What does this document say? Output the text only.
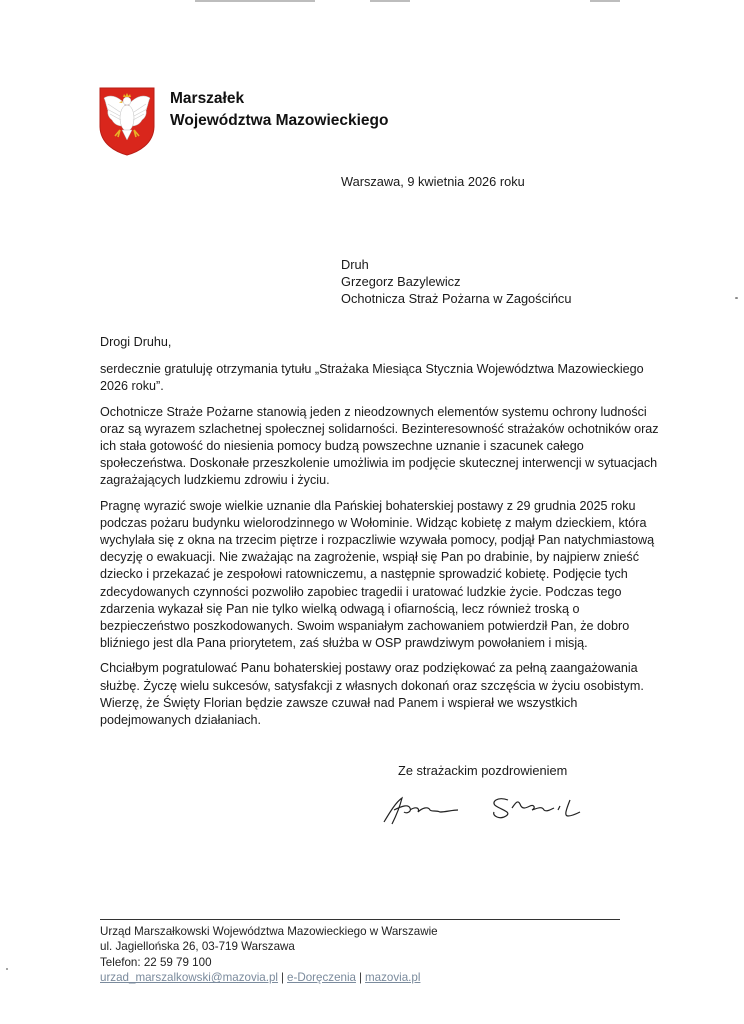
Marszałek
Województwa Mazowieckiego
Warszawa, 9 kwietnia 2026 roku
Druh
Grzegorz Bazylewicz
Ochotnicza Straż Pożarna w Zagościńcu

Drogi Druhu,

serdecznie gratuluję otrzymania tytułu „Strażaka Miesiąca Stycznia Województwa Mazowieckiego 2026 roku”.

Ochotnicze Straże Pożarne stanowią jeden z nieodzownych elementów systemu ochrony ludności oraz są wyrazem szlachetnej społecznej solidarności. Bezinteresowność strażaków ochotników oraz ich stała gotowość do niesienia pomocy budzą powszechne uznanie i szacunek całego społeczeństwa. Doskonałe przeszkolenie umożliwia im podjęcie skutecznej interwencji w sytuacjach zagrażających ludzkiemu zdrowiu i życiu.

Pragnę wyrazić swoje wielkie uznanie dla Pańskiej bohaterskiej postawy z 29 grudnia 2025 roku podczas pożaru budynku wielorodzinnego w Wołominie. Widząc kobietę z małym dzieckiem, która wychylała się z okna na trzecim piętrze i rozpaczliwie wzywała pomocy, podjął Pan natychmiastową decyzję o ewakuacji. Nie zważając na zagrożenie, wspiął się Pan po drabinie, by najpierw znieść dziecko i przekazać je zespołowi ratowniczemu, a następnie sprowadzić kobietę. Podjęcie tych zdecydowanych czynności pozwoliło zapobiec tragedii i uratować ludzkie życie. Podczas tego zdarzenia wykazał się Pan nie tylko wielką odwagą i ofiarnością, lecz również troską o bezpieczeństwo poszkodowanych. Swoim wspaniałym zachowaniem potwierdził Pan, że dobro bliźniego jest dla Pana priorytetem, zaś służba w OSP prawdziwym powołaniem i misją.

Chciałbym pogratulować Panu bohaterskiej postawy oraz podziękować za pełną zaangażowania służbę. Życzę wielu sukcesów, satysfakcji z własnych dokonań oraz szczęścia w życiu osobistym. Wierzę, że Święty Florian będzie zawsze czuwał nad Panem i wspierał we wszystkich podejmowanych działaniach.

Ze strażackim pozdrowieniem
Urząd Marszałkowski Województwa Mazowieckiego w Warszawie
ul. Jagiellońska 26, 03-719 Warszawa
Telefon: 22 59 79 100
urzad_marszalkowski@mazovia.pl | e-Doręczenia | mazovia.pl
